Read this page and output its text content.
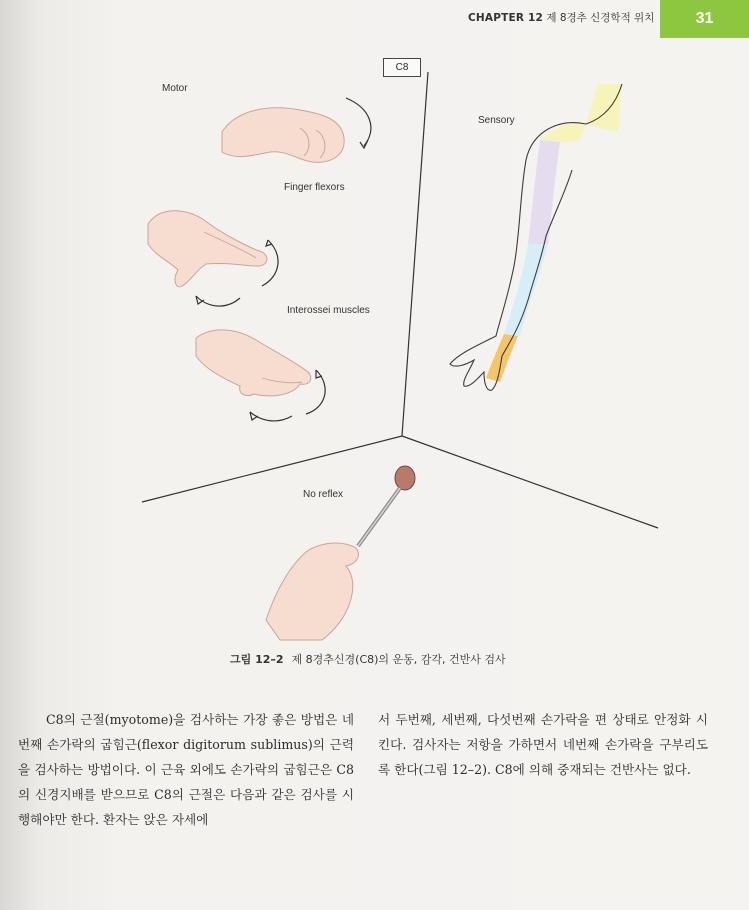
CHAPTER 12 제 8경추 신경학적 위치	31
C8
Motor
Finger flexors
Interossei muscles
Sensory
No reflex
그림 12–2 제 8경추신경(C8)의 운동, 감각, 건반사 검사

C8의 근절(myotome)을 검사하는 가장 좋은 방법은 네번째 손가락의 굽힘근(flexor digitorum sublimus)의 근력을 검사하는 방법이다. 이 근육 외에도 손가락의 굽힘근은 C8의 신경지배를 받으므로 C8의 근절은 다음과 같은 검사를 시행해야만 한다. 환자는 앉은 자세에

서 두번째, 세번째, 다섯번째 손가락을 편 상태로 안정화 시킨다. 검사자는 저항을 가하면서 네번째 손가락을 구부리도록 한다(그림 12–2). C8에 의해 중재되는 건반사는 없다.
